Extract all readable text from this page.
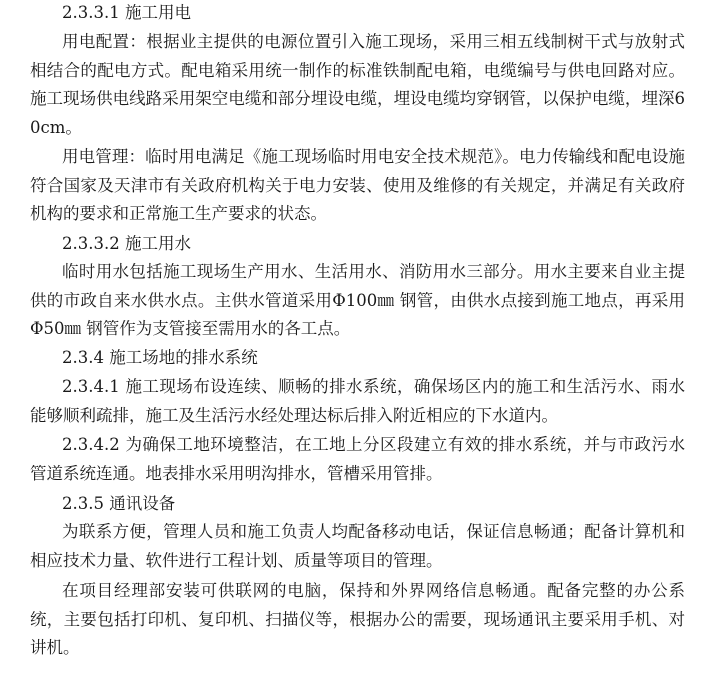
2.3.3.1 施工用电

用电配置：根据业主提供的电源位置引入施工现场，采用三相五线制树干式与放射式相结合的配电方式。配电箱采用统一制作的标准铁制配电箱，电缆编号与供电回路对应。施工现场供电线路采用架空电缆和部分埋设电缆，埋设电缆均穿钢管，以保护电缆，埋深60cm。

用电管理：临时用电满足《施工现场临时用电安全技术规范》。电力传输线和配电设施符合国家及天津市有关政府机构关于电力安装、使用及维修的有关规定，并满足有关政府机构的要求和正常施工生产要求的状态。

2.3.3.2 施工用水

临时用水包括施工现场生产用水、生活用水、消防用水三部分。用水主要来自业主提供的市政自来水供水点。主供水管道采用Φ100㎜ 钢管，由供水点接到施工地点，再采用Φ50㎜ 钢管作为支管接至需用水的各工点。

2.3.4 施工场地的排水系统

2.3.4.1 施工现场布设连续、顺畅的排水系统，确保场区内的施工和生活污水、雨水能够顺利疏排，施工及生活污水经处理达标后排入附近相应的下水道内。

2.3.4.2 为确保工地环境整洁，在工地上分区段建立有效的排水系统，并与市政污水管道系统连通。地表排水采用明沟排水，管槽采用管排。

2.3.5 通讯设备

为联系方便，管理人员和施工负责人均配备移动电话，保证信息畅通；配备计算机和相应技术力量、软件进行工程计划、质量等项目的管理。

在项目经理部安装可供联网的电脑，保持和外界网络信息畅通。配备完整的办公系统，主要包括打印机、复印机、扫描仪等，根据办公的需要，现场通讯主要采用手机、对讲机。
